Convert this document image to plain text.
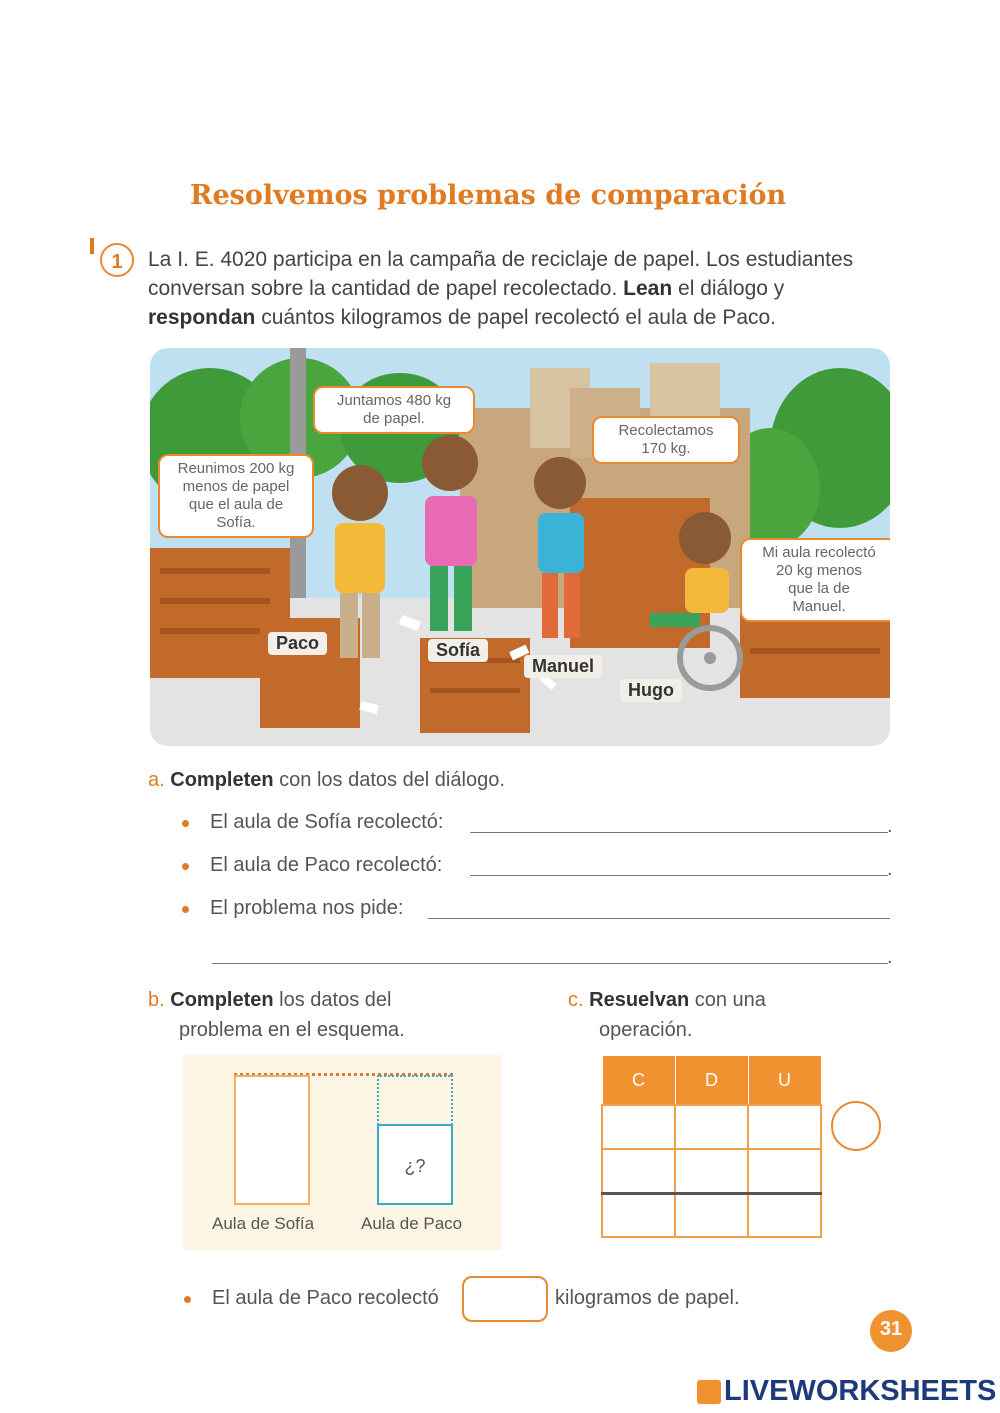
Resolvemos problemas de comparación
1	La I. E. 4020 participa en la campaña de reciclaje de papel. Los estudiantes
conversan sobre la cantidad de papel recolectado. Lean el diálogo y
respondan cuántos kilogramos de papel recolectó el aula de Paco.
Juntamos 480 kg
de papel.
Reunimos 200 kg
menos de papel
que el aula de
Sofía.
Recolectamos
170 kg.
Mi aula recolectó
20 kg menos
que la de
Manuel.
Paco	Sofía
Manuel
Hugo
a. Completen con los datos del diálogo.
El aula de Sofía recolectó:	.
El aula de Paco recolectó:	.
El problema nos pide:
.
b. Completen los datos del
problema en el esquema.
¿?
Aula de Sofía	Aula de Paco
c. Resuelvan con una
operación.
C	D	U

El aula de Paco recolectó	kilogramos de papel.
31
LIVEWORKSHEETS
